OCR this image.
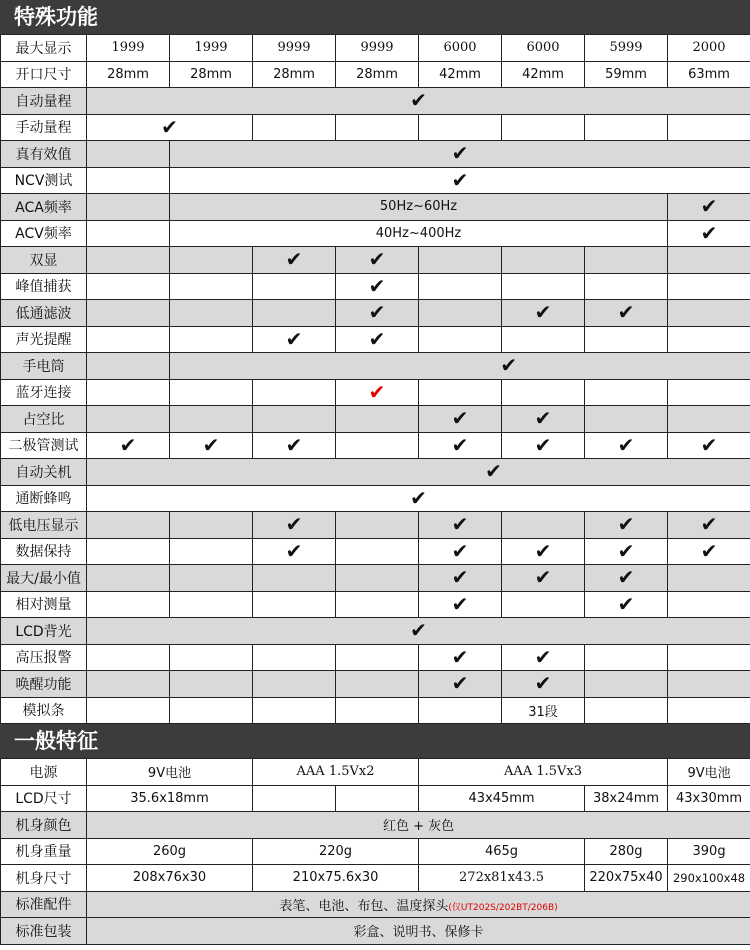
特殊功能
最大显示	1999	1999	9999	9999	6000	6000	5999	2000
开口尺寸	28mm	28mm	28mm	28mm	42mm	42mm	59mm	63mm
自动量程	✔							
手动量程	✔							
真有效值		✔						
NCV测试		✔						
ACA频率		50Hz~60Hz						✔
ACV频率		40Hz~400Hz						✔
双显			✔	✔				
峰值捕获				✔				
低通滤波				✔		✔	✔	
声光提醒			✔	✔				
手电筒		✔						
蓝牙连接				✔				
占空比					✔	✔		
二极管测试	✔	✔	✔		✔	✔	✔	✔
自动关机	✔							
通断蜂鸣	✔							
低电压显示			✔		✔		✔	✔
数据保持			✔		✔	✔	✔	✔
最大/最小值					✔	✔	✔	
相对测量					✔		✔	
LCD背光	✔							
高压报警					✔	✔		
唤醒功能					✔	✔		
模拟条						31段		
一般特征
电源	9V电池	AAA 1.5Vx2		AAA 1.5Vx3		9V电池
LCD尺寸	35.6x18mm			43x45mm	38x24mm	43x30mm
机身颜色	红色 + 灰色					
机身重量	260g	220g		465g	280g	390g
机身尺寸	208x76x30	210x75.6x30		272x81x43.5	220x75x40	290x100x48
标准配件	表笔、电池、布包、温度探头(仅UT202S/202BT/206B)					
标准包装	彩盒、说明书、保修卡					
